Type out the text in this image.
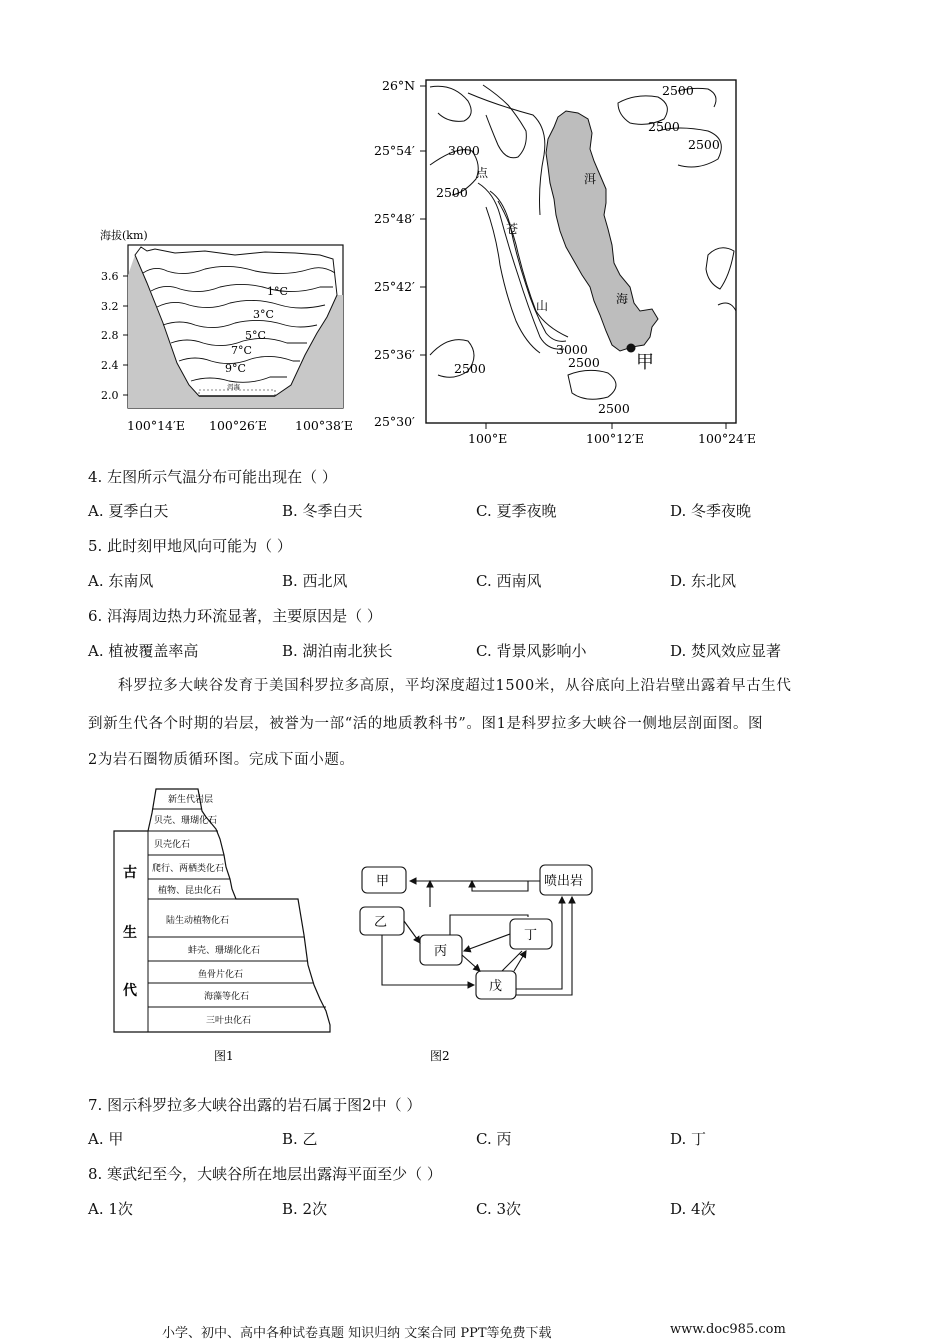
海拔(km)
洱海
1°C
3°C
5°C
7°C
9°C
3.6
3.2
2.8
2.4
2.0
100°14′E 100°26′E 100°38′E
甲
洱
海
点
苍
山
2500
2500
2500
3000
2500
3000
2500
2500
2500
26°N
25°54′
25°48′
25°42′
25°36′
25°30′
100°E	100°12′E	100°24′E
4. 左图所示气温分布可能出现在（ ）
A. 夏季白天	B. 冬季白天	C. 夏季夜晚	D. 冬季夜晚
5. 此时刻甲地风向可能为（ ）
A. 东南风	B. 西北风	C. 西南风	D. 东北风
6. 洱海周边热力环流显著，主要原因是（ ）
A. 植被覆盖率高	B. 湖泊南北狭长	C. 背景风影响小	D. 焚风效应显著
科罗拉多大峡谷发育于美国科罗拉多高原，平均深度超过1500米，从谷底向上沿岩壁出露着早古生代
到新生代各个时期的岩层，被誉为一部“活的地质教科书”。图1是科罗拉多大峡谷一侧地层剖面图。图
2为岩石圈物质循环图。完成下面小题。
新生代岩层
贝壳、珊瑚化石
贝壳化石
爬行、两栖类化石
植物、昆虫化石
陆生动植物化石
蚌壳、珊瑚化化石
鱼骨片化石
海藻等化石
三叶虫化石
古
生
代
图1
甲
乙
丙
丁
戊
喷出岩
图2
7. 图示科罗拉多大峡谷出露的岩石属于图2中（ ）
A. 甲	B. 乙	C. 丙	D. 丁
8. 寒武纪至今，大峡谷所在地层出露海平面至少（ ）
A. 1次	B. 2次	C. 3次	D. 4次
小学、初中、高中各种试卷真题 知识归纳 文案合同 PPT等免费下载	www.doc985.com
